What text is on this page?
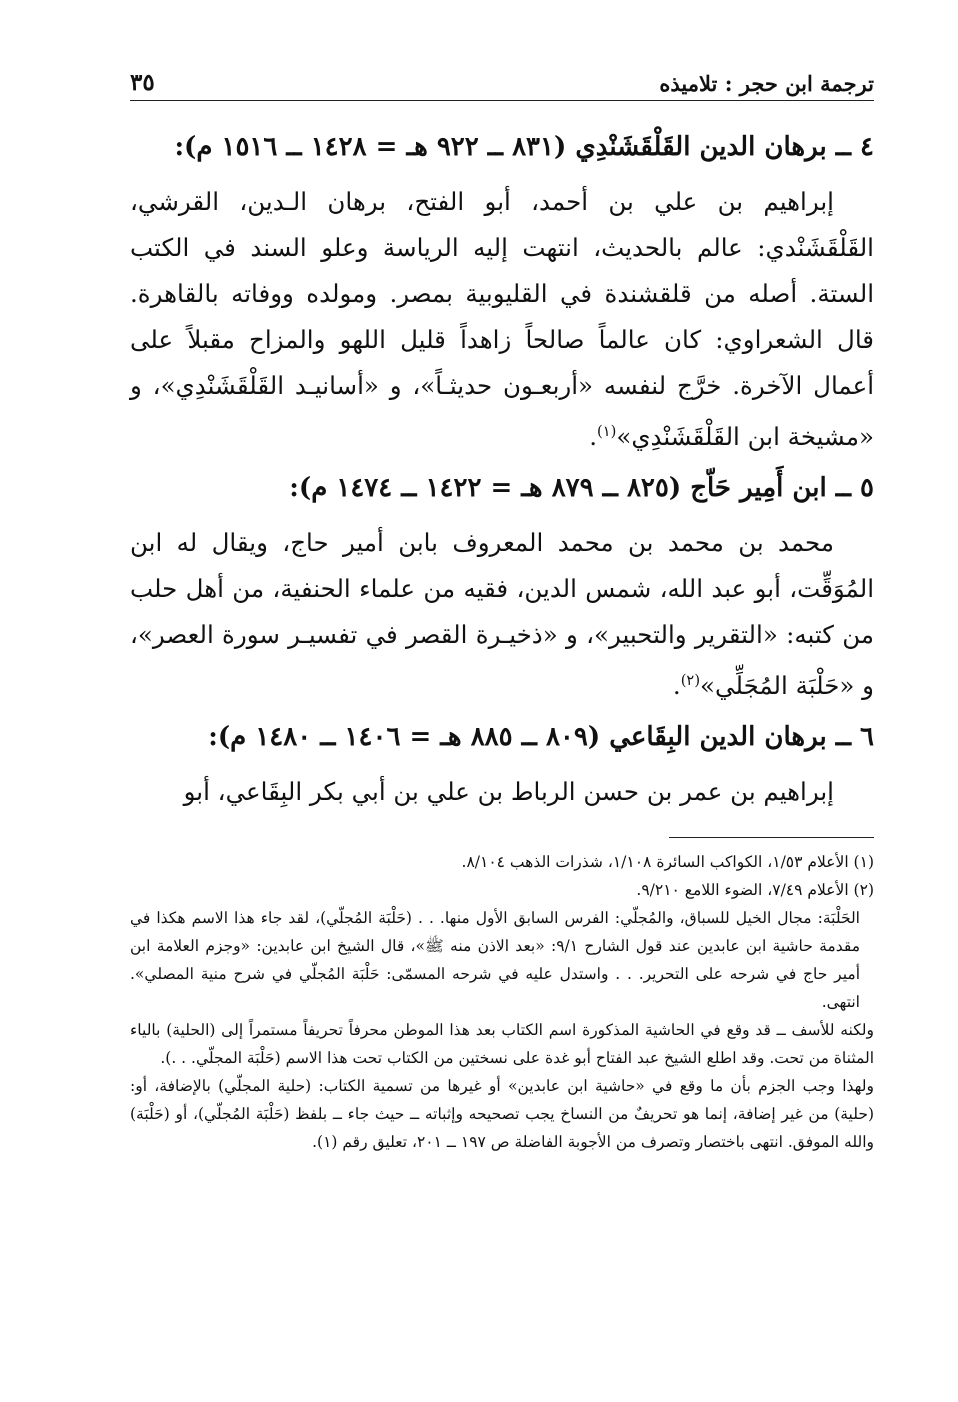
ترجمة ابن حجر : تلاميذه
٣٥
٤ ــ برهان الدين القَلْقَشَنْدِي (٨٣١ ــ ٩٢٢ هـ = ١٤٢٨ ــ ١٥١٦ م):

إبراهيم بن علي بن أحمد، أبو الفتح، برهان الـدين، القرشي، القَلْقَشَنْدي: عالم بالحديث، انتهت إليه الرياسة وعلو السند في الكتب الستة. أصله من قلقشندة في القليوبية بمصر. ومولده ووفاته بالقاهرة. قال الشعراوي: كان عالماً صالحاً زاهداً قليل اللهو والمزاح مقبلاً على أعمال الآخرة. خرَّج لنفسه «أربعـون حديثـاً»، و «أسانيـد القَلْقَشَنْدِي»، و «مشيخة ابن القَلْقَشَنْدِي»$^{(١)}$.

٥ ــ ابن أَمِير حَاّج (٨٢٥ ــ ٨٧٩ هـ = ١٤٢٢ ــ ١٤٧٤ م):

محمد بن محمد بن محمد المعروف بابن أمير حاج، ويقال له ابن المُوَقِّت، أبو عبد الله، شمس الدين، فقيه من علماء الحنفية، من أهل حلب من كتبه: «التقرير والتحبير»، و «ذخيـرة القصر في تفسيـر سورة العصر»، و «حَلْبَة المُجَلِّي»$^{(٢)}$.

٦ ــ برهان الدين البِقَاعي (٨٠٩ ــ ٨٨٥ هـ = ١٤٠٦ ــ ١٤٨٠ م):

إبراهيم بن عمر بن حسن الرباط بن علي بن أبي بكر البِقَاعي، أبو

(١) الأعلام ١/٥٣، الكواكب السائرة ١/١٠٨، شذرات الذهب ٨/١٠٤.

(٢) الأعلام ٧/٤٩، الضوء اللامع ٩/٢١٠.

الحَلْبَة: مجال الخيل للسباق، والمُجلّي: الفرس السابق الأول منها. . . (حَلْبَة المُجلّي)، لقد جاء هذا الاسم هكذا في مقدمة حاشية ابن عابدين عند قول الشارح ٩/١: «بعد الاذن منه ﷺ»، قال الشيخ ابن عابدين: «وجزم العلامة ابن أمير حاج في شرحه على التحرير. . . واستدل عليه في شرحه المسمّى: حَلْبَة المُجلّي في شرح منية المصلي». انتهى.

ولكنه للأسف ــ قد وقع في الحاشية المذكورة اسم الكتاب بعد هذا الموطن محرفاً تحريفاً مستمراً إلى (الحلية) بالياء المثناة من تحت. وقد اطلع الشيخ عبد الفتاح أبو غدة على نسختين من الكتاب تحت هذا الاسم (حَلْبَة المجلّي. . .).

ولهذا وجب الجزم بأن ما وقع في «حاشية ابن عابدين» أو غيرها من تسمية الكتاب: (حلية المجلّي) بالإضافة، أو: (حلية) من غير إضافة، إنما هو تحريفٌ من النساخ يجب تصحيحه وإثباته ــ حيث جاء ــ بلفظ (حَلْبَة المُجلّي)، أو (حَلْبَة) والله الموفق. انتهى باختصار وتصرف من الأجوبة الفاضلة ص ١٩٧ ــ ٢٠١، تعليق رقم (١).
